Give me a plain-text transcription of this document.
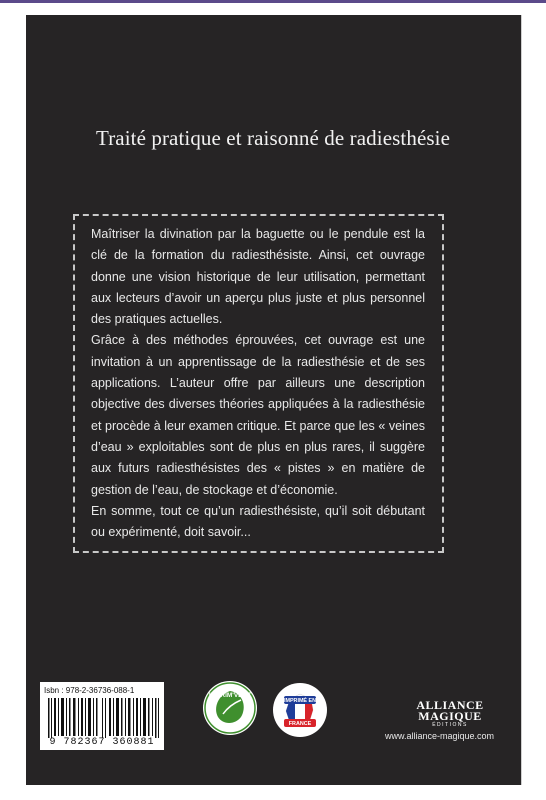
Traité pratique et raisonné de radiesthésie

Maîtriser la divination par la baguette ou le pendule est la clé de la formation du radiesthésiste. Ainsi, cet ouvrage donne une vision historique de leur utilisation, permettant aux lecteurs d’avoir un aperçu plus juste et plus personnel des pratiques actuelles.

Grâce à des méthodes éprouvées, cet ouvrage est une invitation à un apprentissage de la radiesthésie et de ses applications. L’auteur offre par ailleurs une description objective des diverses théories appliquées à la radiesthésie et procède à leur examen critique. Et parce que les « veines d’eau » exploitables sont de plus en plus rares, il suggère aux futurs radiesthésistes des « pistes » en matière de gestion de l’eau, de stockage et d’économie.

En somme, tout ce qu’un radiesthésiste, qu’il soit débutant ou expérimenté, doit savoir...

Isbn : 978-2-36736-088-1
9 782367 360881
IMPRIM'VERT
IMPRIMÉ EN
FRANCE
ALLIANCE
MAGIQUE
ÉDITIONS
www.alliance-magique.com
